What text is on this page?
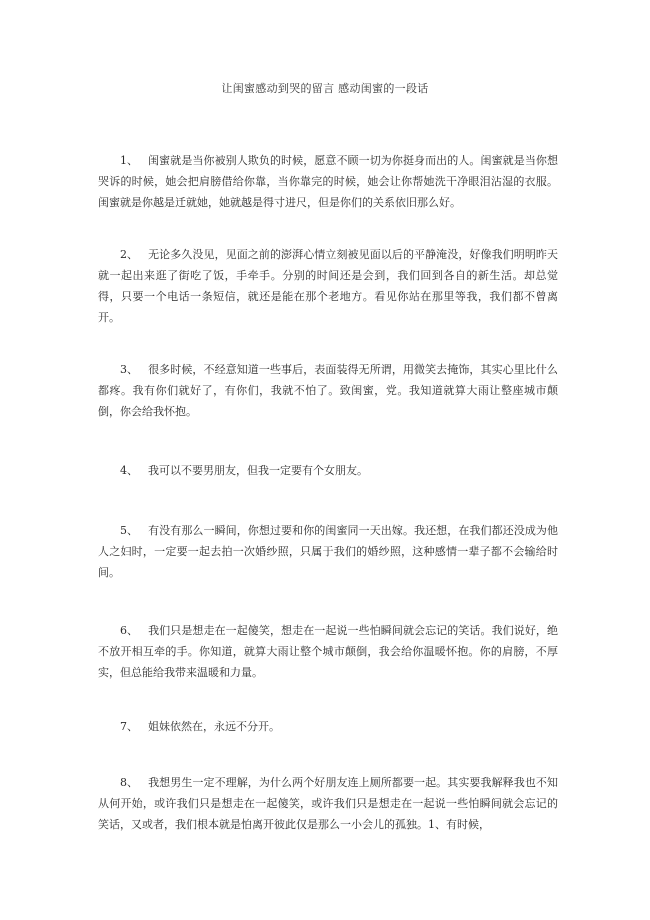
让闺蜜感动到哭的留言 感动闺蜜的一段话
1、 闺蜜就是当你被别人欺负的时候，愿意不顾一切为你挺身而出的人。闺蜜就是当你想哭诉的时候，她会把肩膀借给你靠，当你靠完的时候，她会让你帮她洗干净眼泪沾湿的衣服。闺蜜就是你越是迁就她，她就越是得寸进尺，但是你们的关系依旧那么好。
2、 无论多久没见，见面之前的澎湃心情立刻被见面以后的平静淹没，好像我们明明昨天就一起出来逛了街吃了饭，手牵手。分别的时间还是会到，我们回到各自的新生活。却总觉得，只要一个电话一条短信，就还是能在那个老地方。看见你站在那里等我，我们都不曾离开。
3、 很多时候，不经意知道一些事后，表面装得无所谓，用微笑去掩饰，其实心里比什么都疼。我有你们就好了，有你们，我就不怕了。致闺蜜，党。我知道就算大雨让整座城市颠倒，你会给我怀抱。
4、 我可以不要男朋友，但我一定要有个女朋友。
5、 有没有那么一瞬间，你想过要和你的闺蜜同一天出嫁。我还想，在我们都还没成为他人之妇时，一定要一起去拍一次婚纱照，只属于我们的婚纱照，这种感情一辈子都不会输给时间。
6、 我们只是想走在一起傻笑，想走在一起说一些怕瞬间就会忘记的笑话。我们说好，绝不放开相互牵的手。你知道，就算大雨让整个城市颠倒，我会给你温暖怀抱。你的肩膀，不厚实，但总能给我带来温暖和力量。
7、 姐妹依然在，永远不分开。
8、 我想男生一定不理解，为什么两个好朋友连上厕所都要一起。其实要我解释我也不知从何开始，或许我们只是想走在一起傻笑，或许我们只是想走在一起说一些怕瞬间就会忘记的笑话，又或者，我们根本就是怕离开彼此仅是那么一小会儿的孤独。1、有时候，
